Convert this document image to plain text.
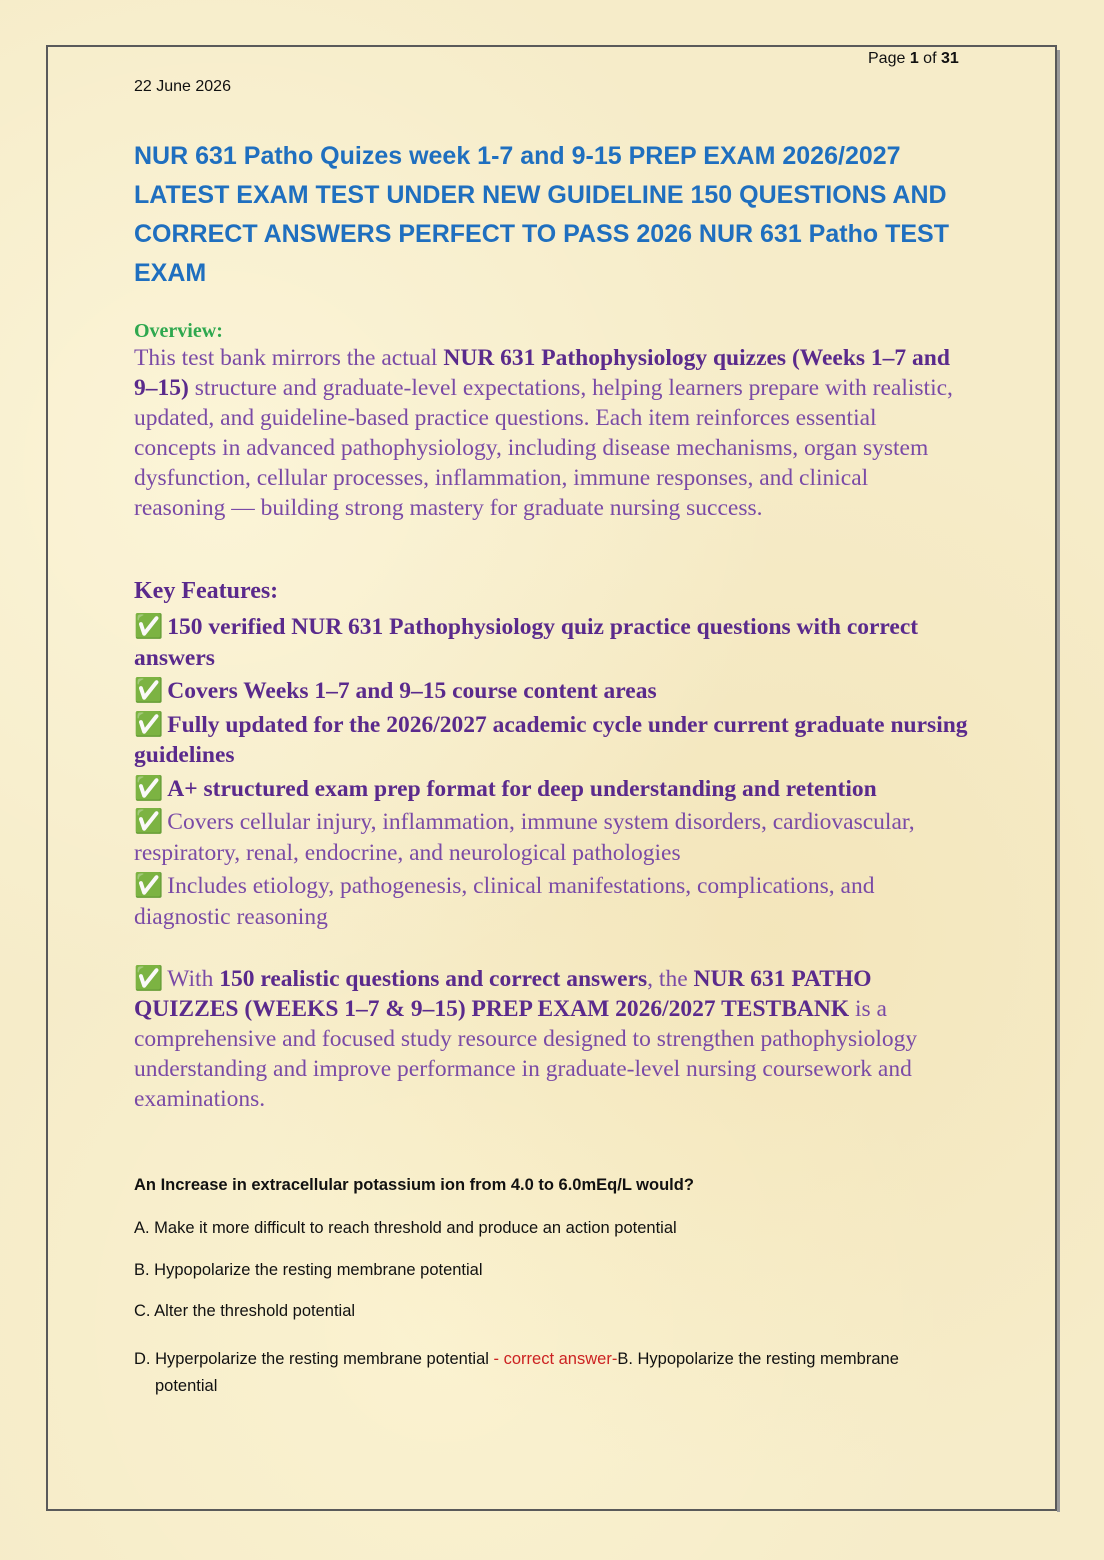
Page 1 of 31
22 June 2026
NUR 631 Patho Quizes week 1-7 and 9-15 PREP EXAM 2026/2027 LATEST EXAM TEST UNDER NEW GUIDELINE 150 QUESTIONS AND CORRECT ANSWERS PERFECT TO PASS 2026 NUR 631 Patho TEST EXAM
Overview:
This test bank mirrors the actual NUR 631 Pathophysiology quizzes (Weeks 1–7 and 9–15) structure and graduate-level expectations, helping learners prepare with realistic, updated, and guideline-based practice questions. Each item reinforces essential concepts in advanced pathophysiology, including disease mechanisms, organ system dysfunction, cellular processes, inflammation, immune responses, and clinical reasoning — building strong mastery for graduate nursing success.
Key Features:
✅ 150 verified NUR 631 Pathophysiology quiz practice questions with correct answers
✅ Covers Weeks 1–7 and 9–15 course content areas
✅ Fully updated for the 2026/2027 academic cycle under current graduate nursing guidelines
✅ A+ structured exam prep format for deep understanding and retention
✅ Covers cellular injury, inflammation, immune system disorders, cardiovascular, respiratory, renal, endocrine, and neurological pathologies
✅ Includes etiology, pathogenesis, clinical manifestations, complications, and diagnostic reasoning
✅ With 150 realistic questions and correct answers, the NUR 631 PATHO QUIZZES (WEEKS 1–7 & 9–15) PREP EXAM 2026/2027 TESTBANK is a comprehensive and focused study resource designed to strengthen pathophysiology understanding and improve performance in graduate-level nursing coursework and examinations.
An Increase in extracellular potassium ion from 4.0 to 6.0mEq/L would?
A. Make it more difficult to reach threshold and produce an action potential
B. Hypopolarize the resting membrane potential
C. Alter the threshold potential
D. Hyperpolarize the resting membrane potential - correct answer-B. Hypopolarize the resting membrane potential
